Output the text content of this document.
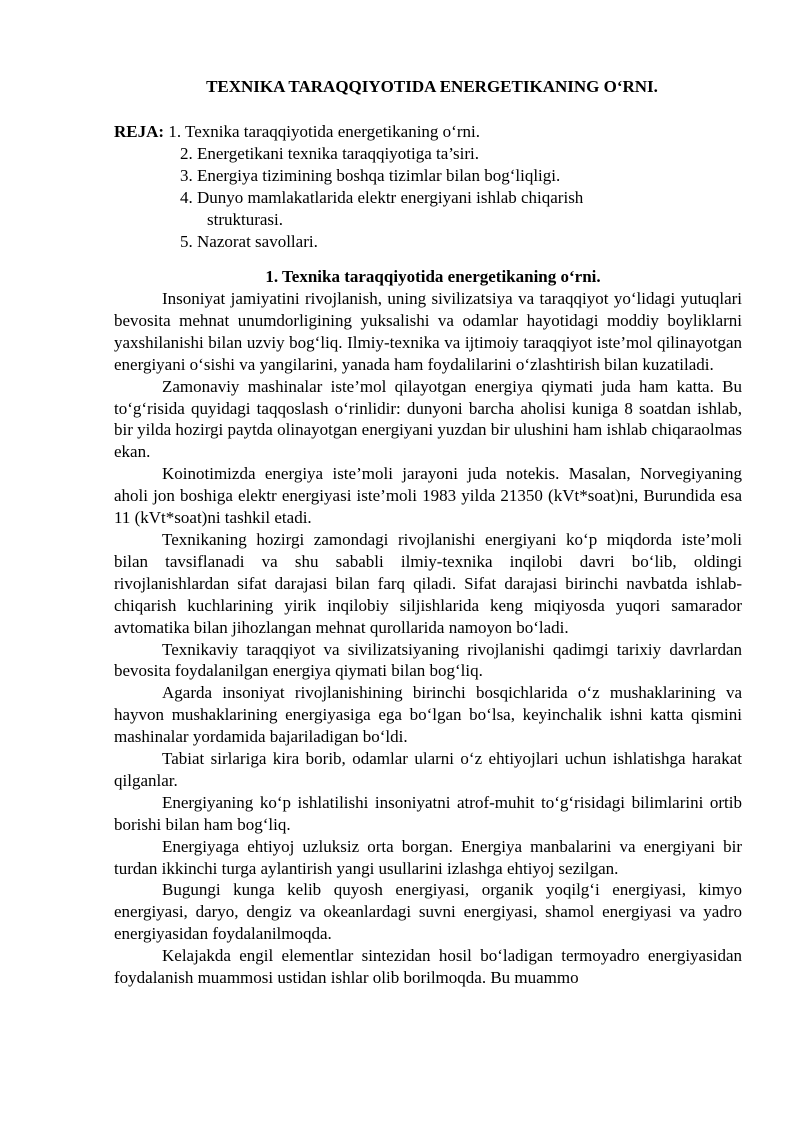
TEXNIKA TARAQQIYOTIDA ENERGETIKANING O‘RNI.
REJA: 1. Texnika taraqqiyotida energetikaning o‘rni.
2. Energetikani texnika taraqqiyotiga ta’siri.
3. Energiya tizimining boshqa tizimlar bilan bog‘liqligi.
4. Dunyo mamlakatlarida elektr energiyani ishlab chiqarish
strukturasi.
5. Nazorat savollari.
1. Texnika taraqqiyotida energetikaning o‘rni.

Insoniyat jamiyatini rivojlanish, uning sivilizatsiya va taraqqiyot yo‘lidagi yutuqlari bevosita mehnat unumdorligining yuksalishi va odamlar hayotidagi moddiy boyliklarni yaxshilanishi bilan uzviy bog‘liq. Ilmiy-texnika va ijtimoiy taraqqiyot iste’mol qilinayotgan energiyani o‘sishi va yangilarini, yanada ham foydalilarini o‘zlashtirish bilan kuzatiladi.

Zamonaviy mashinalar iste’mol qilayotgan energiya qiymati juda ham katta. Bu to‘g‘risida quyidagi taqqoslash o‘rinlidir: dunyoni barcha aholisi kuniga 8 soatdan ishlab, bir yilda hozirgi paytda olinayotgan energiyani yuzdan bir ulushini ham ishlab chiqaraolmas ekan.

Koinotimizda energiya iste’moli jarayoni juda notekis. Masalan, Norvegiyaning aholi jon boshiga elektr energiyasi iste’moli 1983 yilda 21350 (kVt*soat)ni, Burundida esa 11 (kVt*soat)ni tashkil etadi.

Texnikaning hozirgi zamondagi rivojlanishi energiyani ko‘p miqdorda iste’moli bilan tavsiflanadi va shu sababli ilmiy-texnika inqilobi davri bo‘lib, oldingi rivojlanishlardan sifat darajasi bilan farq qiladi. Sifat darajasi birinchi navbatda ishlab-chiqarish kuchlarining yirik inqilobiy siljishlarida keng miqiyosda yuqori samarador avtomatika bilan jihozlangan mehnat qurollarida namoyon bo‘ladi.

Texnikaviy taraqqiyot va sivilizatsiyaning rivojlanishi qadimgi tarixiy davrlardan bevosita foydalanilgan energiya qiymati bilan bog‘liq.

Agarda insoniyat rivojlanishining birinchi bosqichlarida o‘z mushaklarining va hayvon mushaklarining energiyasiga ega bo‘lgan bo‘lsa, keyinchalik ishni katta qismini mashinalar yordamida bajariladigan bo‘ldi.

Tabiat sirlariga kira borib, odamlar ularni o‘z ehtiyojlari uchun ishlatishga harakat qilganlar.

Energiyaning ko‘p ishlatilishi insoniyatni atrof-muhit to‘g‘risidagi bilimlarini ortib borishi bilan ham bog‘liq.

Energiyaga ehtiyoj uzluksiz orta borgan. Energiya manbalarini va energiyani bir turdan ikkinchi turga aylantirish yangi usullarini izlashga ehtiyoj sezilgan.

Bugungi kunga kelib quyosh energiyasi, organik yoqilg‘i energiyasi, kimyo energiyasi, daryo, dengiz va okeanlardagi suvni energiyasi, shamol energiyasi va yadro energiyasidan foydalanilmoqda.

Kelajakda engil elementlar sintezidan hosil bo‘ladigan termoyadro energiyasidan foydalanish muammosi ustidan ishlar olib borilmoqda. Bu muammo
